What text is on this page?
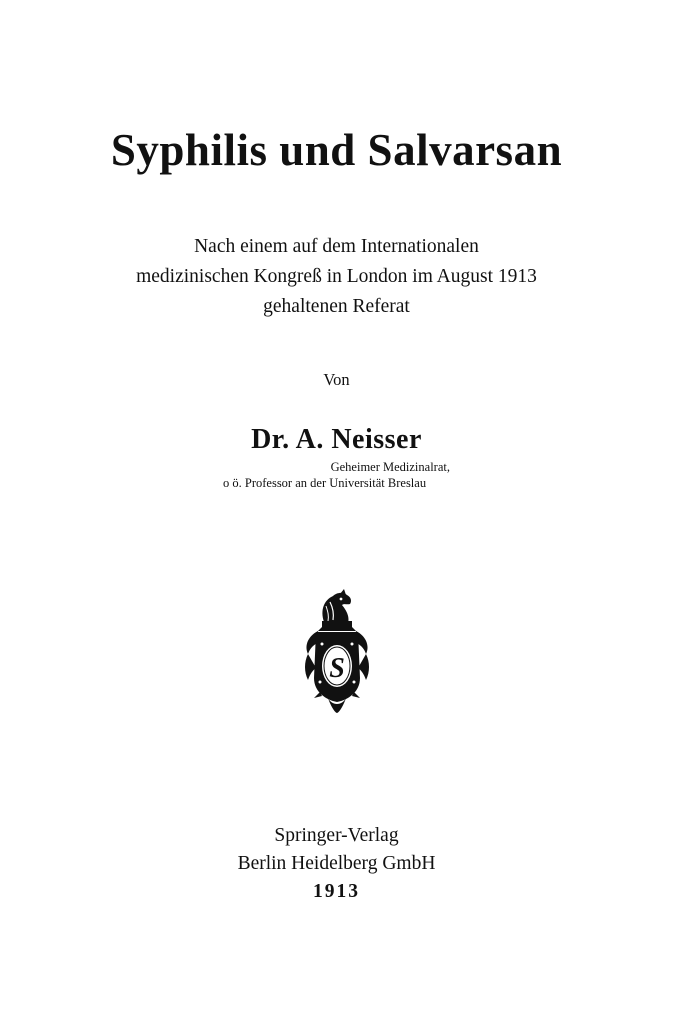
Syphilis und Salvarsan
Nach einem auf dem Internationalen
medizinischen Kongreß in London im August 1913
gehaltenen Referat
Von
Dr. A. Neisser
Geheimer Medizinalrat,
o ö. Professor an der Universität Breslau
S
Springer-Verlag
Berlin Heidelberg GmbH
1913
